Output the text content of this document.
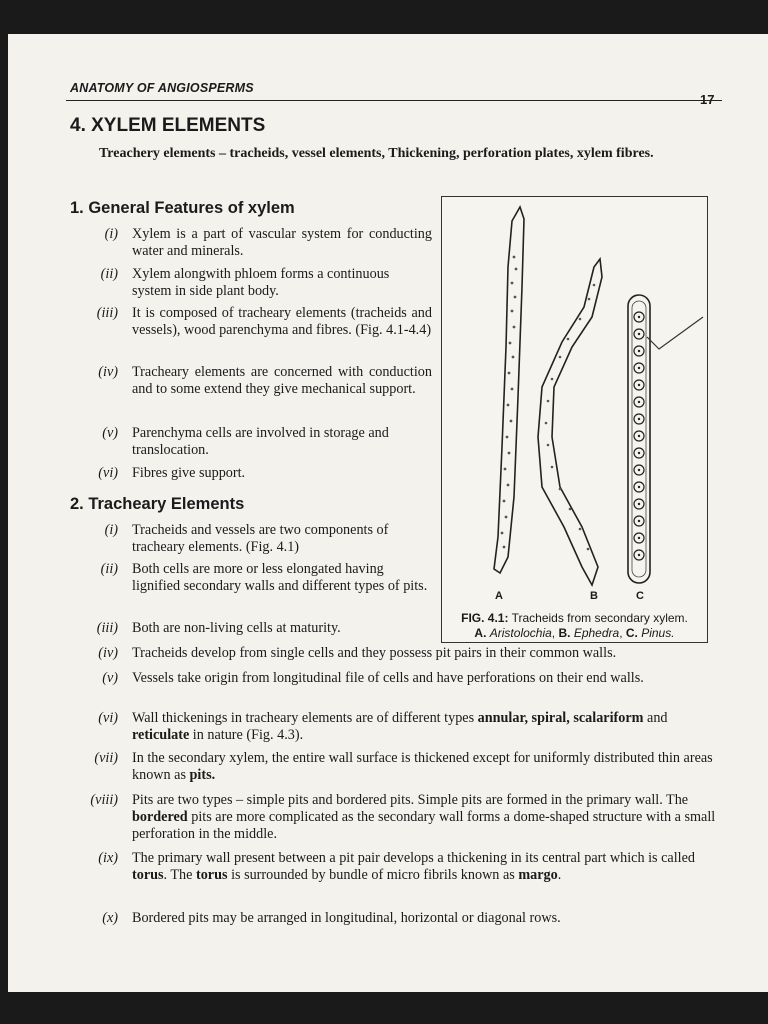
ANATOMY OF ANGIOSPERMS
17
4. XYLEM ELEMENTS
Treachery elements – tracheids, vessel elements, Thickening, perforation plates, xylem fibres.
1. General Features of xylem
(i) Xylem is a part of vascular system for conducting water and minerals.
(ii) Xylem alongwith phloem forms a continuous system in side plant body.
(iii) It is composed of tracheary elements (tracheids and vessels), wood parenchyma and fibres. (Fig. 4.1-4.4)
(iv) Tracheary elements are concerned with conduction and to some extend they give mechanical support.
(v) Parenchyma cells are involved in storage and translocation.
(vi) Fibres give support.
2. Tracheary Elements
(i) Tracheids and vessels are two components of tracheary elements. (Fig. 4.1)
(ii) Both cells are more or less elongated having lignified secondary walls and different types of pits.
(iii) Both are non-living cells at maturity.
(iv) Tracheids develop from single cells and they possess pit pairs in their common walls.
(v) Vessels take origin from longitudinal file of cells and have perforations on their end walls.
(vi) Wall thickenings in tracheary elements are of different types annular, spiral, scalariform and reticulate in nature (Fig. 4.3).
(vii) In the secondary xylem, the entire wall surface is thickened except for uniformly distributed thin areas known as pits.
(viii) Pits are two types – simple pits and bordered pits. Simple pits are formed in the primary wall. The bordered pits are more complicated as the secondary wall forms a dome-shaped structure with a small perforation in the middle.
(ix) The primary wall present between a pit pair develops a thickening in its central part which is called torus. The torus is surrounded by bundle of micro fibrils known as margo.
(x) Bordered pits may be arranged in longitudinal, horizontal or diagonal rows.
A	B	C
FIG. 4.1: Tracheids from secondary xylem.
A. Aristolochia, B. Ephedra, C. Pinus.
